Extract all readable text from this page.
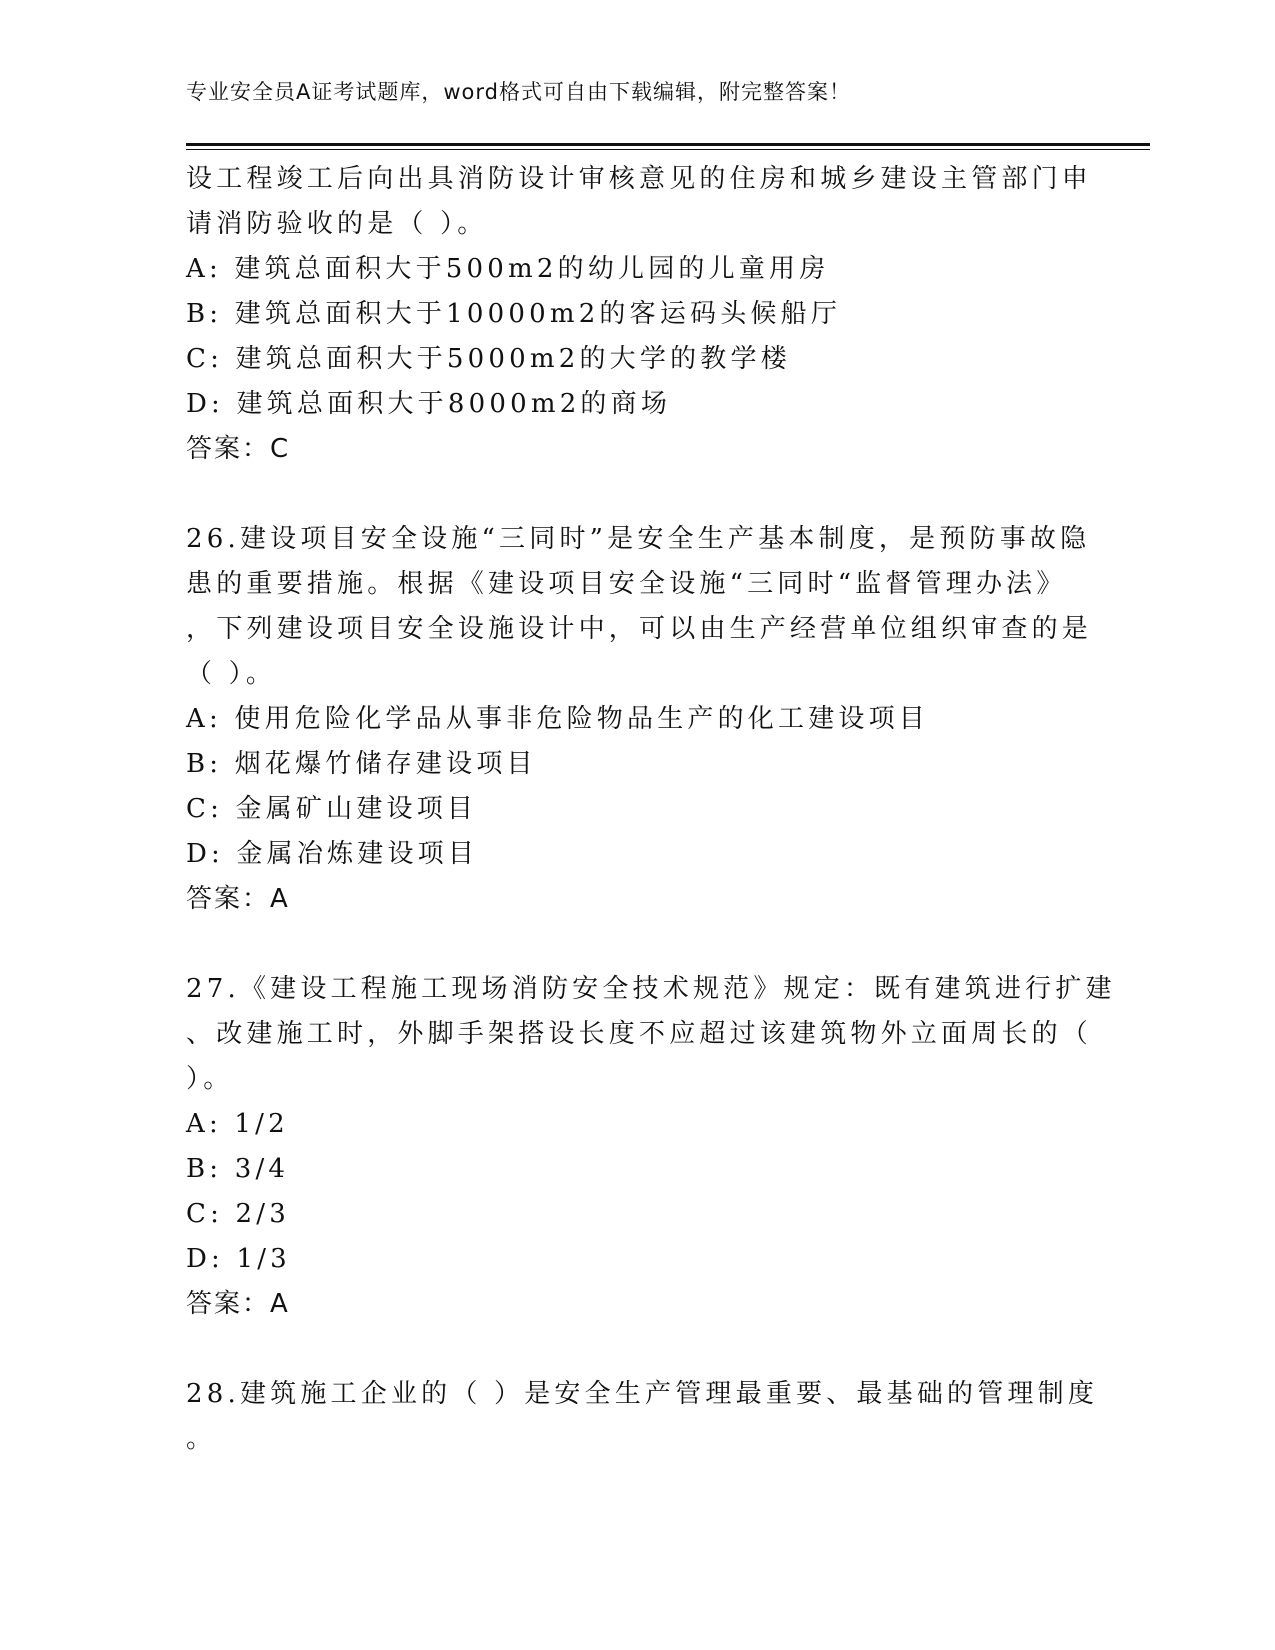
专业安全员A证考试题库，word格式可自由下载编辑，附完整答案！
设工程竣工后向出具消防设计审核意见的住房和城乡建设主管部门申
请消防验收的是（ ）。
A: 建筑总面积大于500m2的幼儿园的儿童用房
B: 建筑总面积大于10000m2的客运码头候船厅
C: 建筑总面积大于5000m2的大学的教学楼
D: 建筑总面积大于8000m2的商场
答案：C
26.建设项目安全设施“三同时”是安全生产基本制度，是预防事故隐
患的重要措施。根据《建设项目安全设施“三同时“监督管理办法》
，下列建设项目安全设施设计中，可以由生产经营单位组织审查的是
（ ）。
A: 使用危险化学品从事非危险物品生产的化工建设项目
B: 烟花爆竹储存建设项目
C: 金属矿山建设项目
D: 金属冶炼建设项目
答案：A
27.《建设工程施工现场消防安全技术规范》规定：既有建筑进行扩建
、改建施工时，外脚手架搭设长度不应超过该建筑物外立面周长的（
）。
A: 1/2
B: 3/4
C: 2/3
D: 1/3
答案：A
28.建筑施工企业的（ ）是安全生产管理最重要、最基础的管理制度
。
